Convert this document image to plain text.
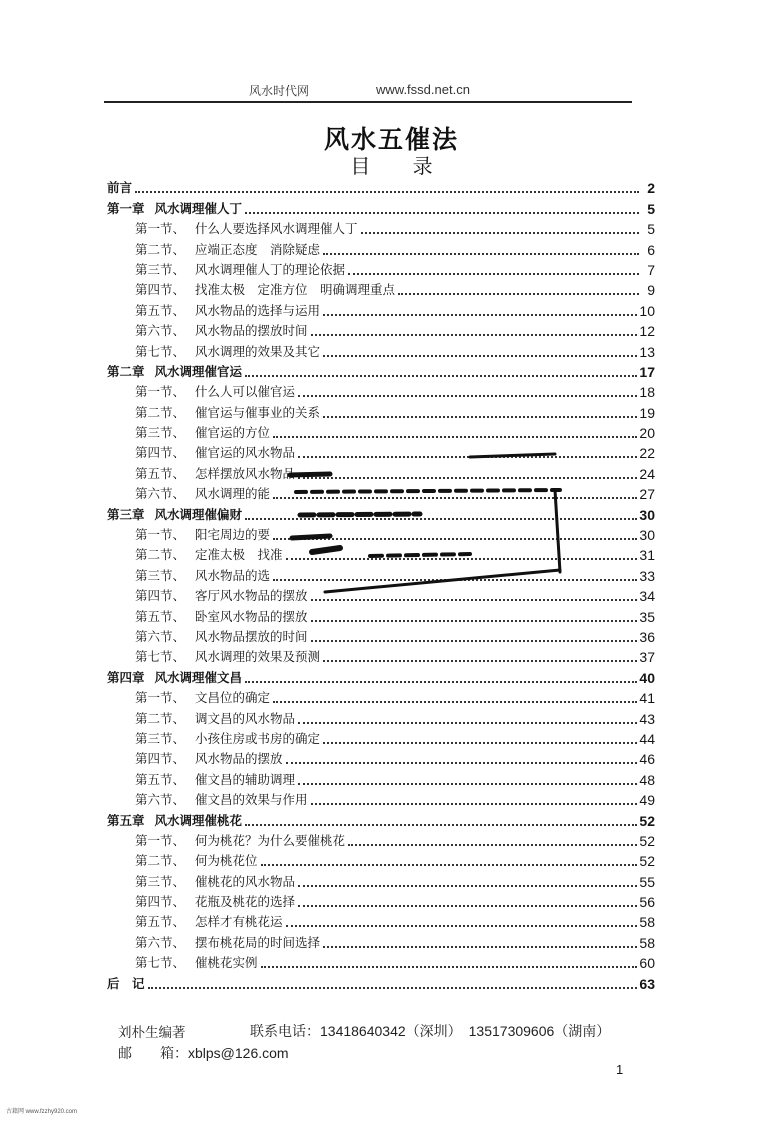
风水时代网	www.fssd.net.cn
风水五催法
目 录
前言	2
第一章 风水调理催人丁	5
第一节、 什么人要选择风水调理催人丁	5
第二节、 应端正态度　消除疑虑	6
第三节、 风水调理催人丁的理论依据	7
第四节、 找准太极　定准方位　明确调理重点	9
第五节、 风水物品的选择与运用	10
第六节、 风水物品的摆放时间	12
第七节、 风水调理的效果及其它	13
第二章 风水调理催官运	17
第一节、 什么人可以催官运	18
第二节、 催官运与催事业的关系	19
第三节、 催官运的方位	20
第四节、 催官运的风水物品	22
第五节、 怎样摆放风水物品	24
第六节、 风水调理的能	27
第三章 风水调理催偏财	30
第一节、 阳宅周边的要	30
第二节、 定准太极　找准	31
第三节、 风水物品的选	33
第四节、 客厅风水物品的摆放	34
第五节、 卧室风水物品的摆放	35
第六节、 风水物品摆放的时间	36
第七节、 风水调理的效果及预测	37
第四章 风水调理催文昌	40
第一节、 文昌位的确定	41
第二节、 调文昌的风水物品	43
第三节、 小孩住房或书房的确定	44
第四节、 风水物品的摆放	46
第五节、 催文昌的辅助调理	48
第六节、 催文昌的效果与作用	49
第五章 风水调理催桃花	52
第一节、 何为桃花？为什么要催桃花	52
第二节、 何为桃花位	52
第三节、 催桃花的风水物品	55
第四节、 花瓶及桃花的选择	56
第五节、 怎样才有桃花运	58
第六节、 摆布桃花局的时间选择	58
第七节、 催桃花实例	60
后　记	63
刘朴生编著	联系电话：13418640342（深圳）　13517309606（湖南）
邮　　箱：xblps@126.com
1
古籍网 www.fzzhy920.com
